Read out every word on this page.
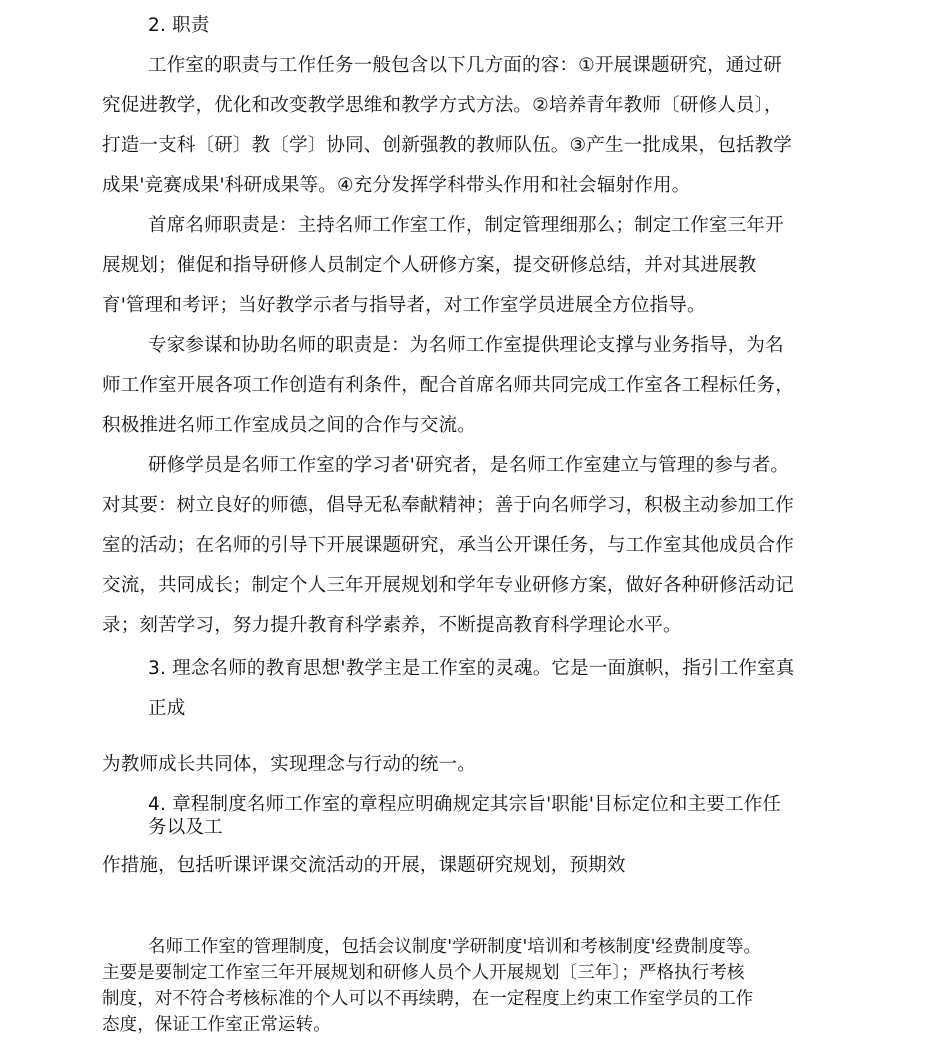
2. 职责
工作室的职责与工作任务一般包含以下几方面的容：①开展课题研究，通过研
究促进教学，优化和改变教学思维和教学方式方法。②培养青年教师〔研修人员〕，
打造一支科〔研〕教〔学〕协同、创新强教的教师队伍。③产生一批成果，包括教学
成果'竞赛成果'科研成果等。④充分发挥学科带头作用和社会辐射作用。
首席名师职责是：主持名师工作室工作，制定管理细那么；制定工作室三年开
展规划；催促和指导研修人员制定个人研修方案，提交研修总结，并对其进展教
育'管理和考评；当好教学示者与指导者，对工作室学员进展全方位指导。
专家参谋和协助名师的职责是：为名师工作室提供理论支撑与业务指导，为名
师工作室开展各项工作创造有利条件，配合首席名师共同完成工作室各工程标任务，
积极推进名师工作室成员之间的合作与交流。
研修学员是名师工作室的学习者'研究者，是名师工作室建立与管理的参与者。
对其要：树立良好的师德，倡导无私奉献精神；善于向名师学习，积极主动参加工作
室的活动；在名师的引导下开展课题研究，承当公开课任务，与工作室其他成员合作
交流，共同成长；制定个人三年开展规划和学年专业研修方案，做好各种研修活动记
录；刻苦学习，努力提升教育科学素养，不断提高教育科学理论水平。
3. 理念名师的教育思想'教学主是工作室的灵魂。它是一面旗帜，指引工作室真
正成
为教师成长共同体，实现理念与行动的统一。
4. 章程制度名师工作室的章程应明确规定其宗旨'职能'目标定位和主要工作任
务以及工
作措施，包括听课评课交流活动的开展，课题研究规划，预期效
名师工作室的管理制度，包括会议制度'学研制度'培训和考核制度'经费制度等。
主要是要制定工作室三年开展规划和研修人员个人开展规划〔三年〕；严格执行考核
制度，对不符合考核标准的个人可以不再续聘，在一定程度上约束工作室学员的工作
态度，保证工作室正常运转。
